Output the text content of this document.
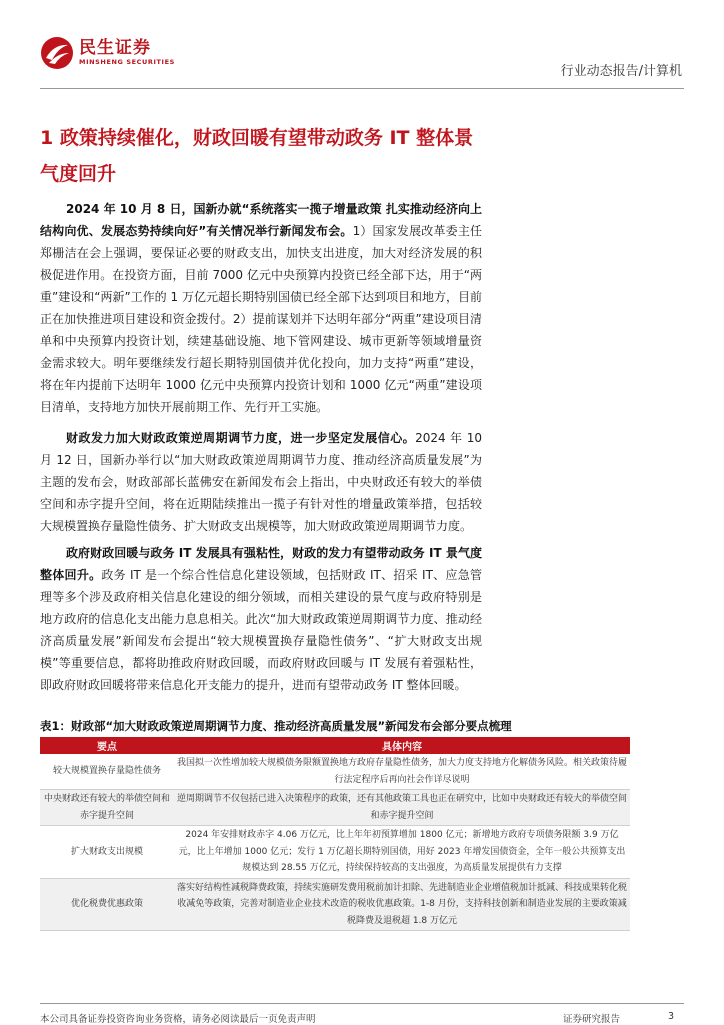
民生证券
MINSHENG SECURITIES
行业动态报告/计算机
1 政策持续催化，财政回暖有望带动政务 IT 整体景气度回升
2024 年 10 月 8 日，国新办就“系统落实一揽子增量政策 扎实推动经济向上结构向优、发展态势持续向好”有关情况举行新闻发布会。1）国家发展改革委主任郑栅洁在会上强调，要保证必要的财政支出，加快支出进度，加大对经济发展的积极促进作用。在投资方面，目前 7000 亿元中央预算内投资已经全部下达，用于“两重”建设和“两新”工作的 1 万亿元超长期特别国债已经全部下达到项目和地方，目前正在加快推进项目建设和资金拨付。2）提前谋划并下达明年部分“两重”建设项目清单和中央预算内投资计划，续建基础设施、地下管网建设、城市更新等领域增量资金需求较大。明年要继续发行超长期特别国债并优化投向，加力支持“两重”建设，将在年内提前下达明年 1000 亿元中央预算内投资计划和 1000 亿元“两重”建设项目清单，支持地方加快开展前期工作、先行开工实施。
财政发力加大财政政策逆周期调节力度，进一步坚定发展信心。2024 年 10 月 12 日，国新办举行以“加大财政政策逆周期调节力度、推动经济高质量发展”为主题的发布会，财政部部长蓝佛安在新闻发布会上指出，中央财政还有较大的举债空间和赤字提升空间，将在近期陆续推出一揽子有针对性的增量政策举措，包括较大规模置换存量隐性债务、扩大财政支出规模等，加大财政政策逆周期调节力度。
政府财政回暖与政务 IT 发展具有强粘性，财政的发力有望带动政务 IT 景气度整体回升。政务 IT 是一个综合性信息化建设领域，包括财政 IT、招采 IT、应急管理等多个涉及政府相关信息化建设的细分领域，而相关建设的景气度与政府特别是地方政府的信息化支出能力息息相关。此次“加大财政政策逆周期调节力度、推动经济高质量发展”新闻发布会提出“较大规模置换存量隐性债务”、“扩大财政支出规模”等重要信息，都将助推政府财政回暖，而政府财政回暖与 IT 发展有着强粘性，即政府财政回暖将带来信息化开支能力的提升，进而有望带动政务 IT 整体回暖。
表1：财政部“加大财政政策逆周期调节力度、推动经济高质量发展”新闻发布会部分要点梳理
要点	具体内容
较大规模置换存量隐性债务	我国拟一次性增加较大规模债务限额置换地方政府存量隐性债务，加大力度支持地方化解债务风险。相关政策待履行法定程序后再向社会作详尽说明
中央财政还有较大的举债空间和赤字提升空间	逆周期调节不仅包括已进入决策程序的政策，还有其他政策工具也正在研究中，比如中央财政还有较大的举债空间和赤字提升空间
扩大财政支出规模	2024 年安排财政赤字 4.06 万亿元，比上年年初预算增加 1800 亿元；新增地方政府专项债务限额 3.9 万亿元，比上年增加 1000 亿元；发行 1 万亿超长期特别国债，用好 2023 年增发国债资金，全年一般公共预算支出规模达到 28.55 万亿元，持续保持较高的支出强度，为高质量发展提供有力支撑
优化税费优惠政策	落实好结构性减税降费政策，持续实施研发费用税前加计扣除、先进制造业企业增值税加计抵减、科技成果转化税收减免等政策，完善对制造业企业技术改造的税收优惠政策。1-8 月份，支持科技创新和制造业发展的主要政策减税降费及退税超 1.8 万亿元
本公司具备证券投资咨询业务资格，请务必阅读最后一页免责声明	证券研究报告	3
